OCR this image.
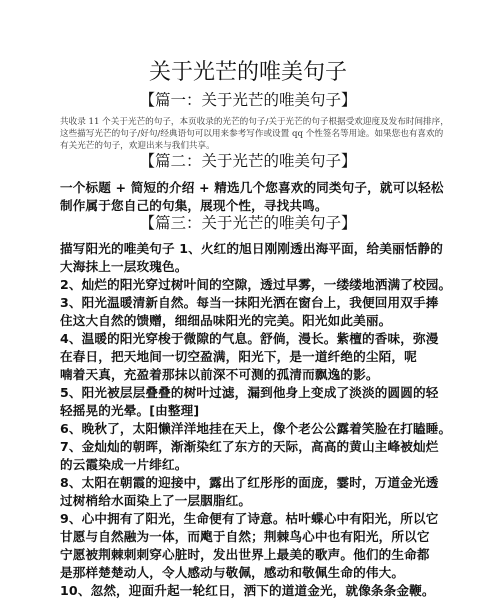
关于光芒的唯美句子
【篇一：关于光芒的唯美句子】
共收录 11 个关于光芒的句子，本页收录的光芒的句子/关于光芒的句子根据受欢迎度及发布时间排序，
这些描写光芒的句子/好句/经典语句可以用来参考写作或设置 qq 个性签名等用途。如果您也有喜欢的
有关光芒的句子，欢迎出来与我们共享。
【篇二：关于光芒的唯美句子】
一个标题 + 简短的介绍 + 精选几个您喜欢的同类句子，就可以轻松
制作属于您自己的句集，展现个性，寻找共鸣。
【篇三：关于光芒的唯美句子】
描写阳光的唯美句子 1、火红的旭日刚刚透出海平面，给美丽恬静的
大海抹上一层玫瑰色。
2、灿烂的阳光穿过树叶间的空隙，透过早雾，一缕缕地洒满了校园。
3、阳光温暖清新自然。每当一抹阳光洒在窗台上，我便回用双手捧
住这大自然的馈赠，细细品味阳光的完美。阳光如此美丽。
4、温暖的阳光穿梭于微隙的气息。舒倘，漫长。紫檀的香味，弥漫
在春日，把天地间一切空盈满，阳光下，是一道纤绝的尘陌，呢
喃着天真，充盈着那抹以前深不可测的孤清而飘逸的影。
5、阳光被层层叠叠的树叶过滤，漏到他身上变成了淡淡的圆圆的轻
轻摇晃的光晕。[由整理]
6、晚秋了，太阳懒洋洋地挂在天上，像个老公公露着笑脸在打瞌睡。
7、金灿灿的朝晖，渐渐染红了东方的天际，高高的黄山主峰被灿烂
的云霞染成一片绯红。
8、太阳在朝霞的迎接中，露出了红彤彤的面庞，霎时，万道金光透
过树梢给水面染上了一层胭脂红。
9、心中拥有了阳光，生命便有了诗意。枯叶蝶心中有阳光，所以它
甘愿与自然融为一体，而飑于自然；荆棘鸟心中也有阳光，所以它
宁愿被荆棘刺刺穿心脏时，发出世界上最美的歌声。他们的生命都
是那样楚楚动人，令人感动与敬佩，感动和敬佩生命的伟大。
10、忽然，迎面升起一轮红日，洒下的道道金光，就像条条金鞭。
